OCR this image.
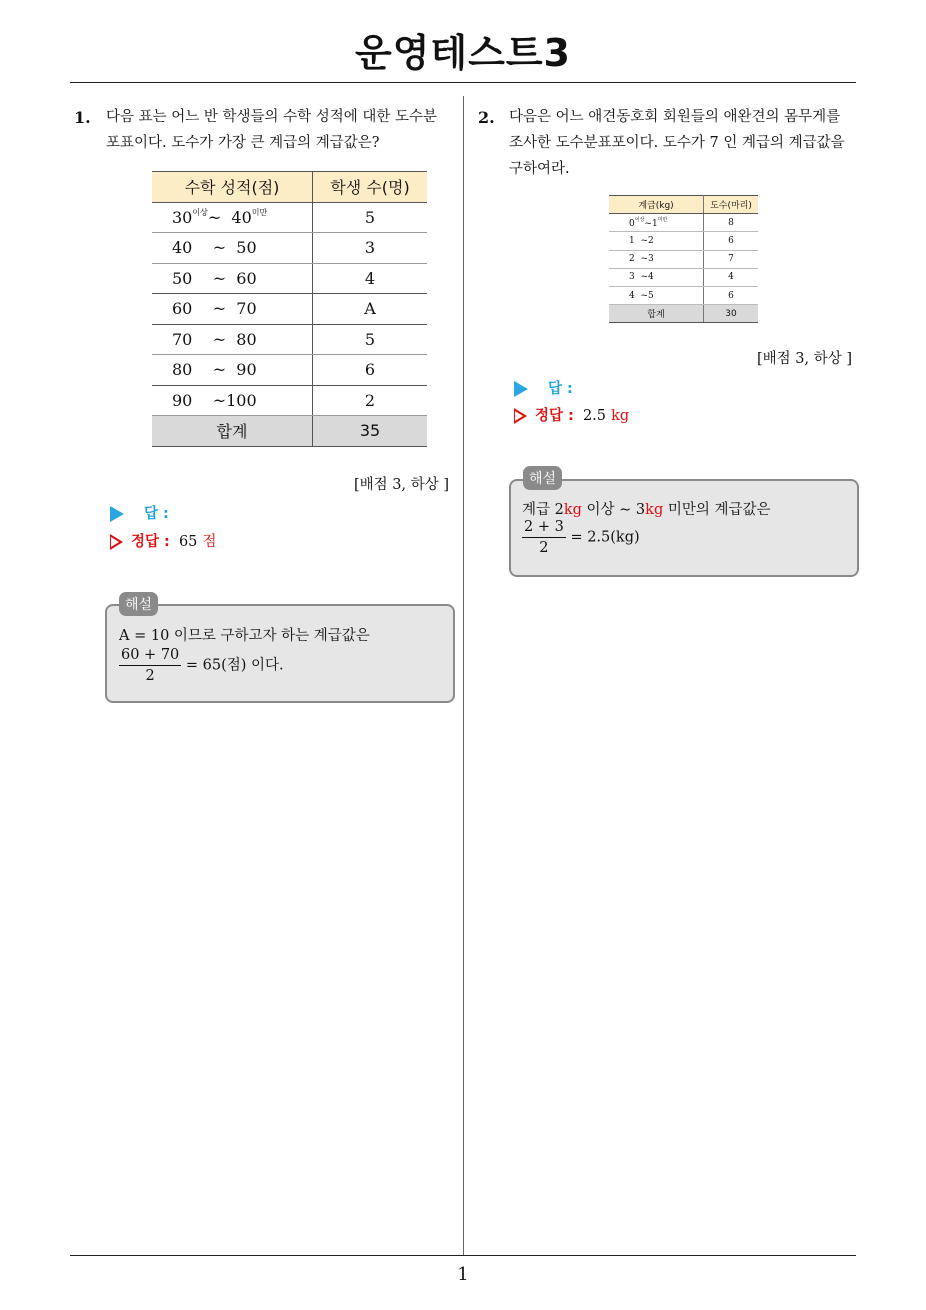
운영테스트3
1. 다음 표는 어느 반 학생들의 수학 성적에 대한 도수분
포표이다. 도수가 가장 큰 계급의 계급값은?
수학 성적(점)	학생 수(명)
$30^{이상}\sim$  $40^{미만}$	5
40    ~  50	3
50    ~  60	4
60    ~  70	A
70    ~  80	5
80    ~  90	6
90    ~100	2
합계	35
[배점 3, 하상 ]
답 :
정답 : 65 점
해설
A = 10 이므로 구하고자 하는 계급값은
$\frac{60 + 70}{2} = 65$(점) 이다.
2. 다음은 어느 애견동호회 회원들의 애완견의 몸무게를
조사한 도수분표포이다. 도수가 7 인 계급의 계급값을
구하여라.
계급(kg)	도수(마리)
$0^{이상}\sim 1^{미만}$	8
1  ~2	6
2  ~3	7
3  ~4	4
4  ~5	6
합계	30
[배점 3, 하상 ]
답 :
정답 : 2.5 kg
해설
계급 2kg 이상 ∼ 3kg 미만의 계급값은
$\frac{2 + 3}{2} = 2.5(kg)$
1
